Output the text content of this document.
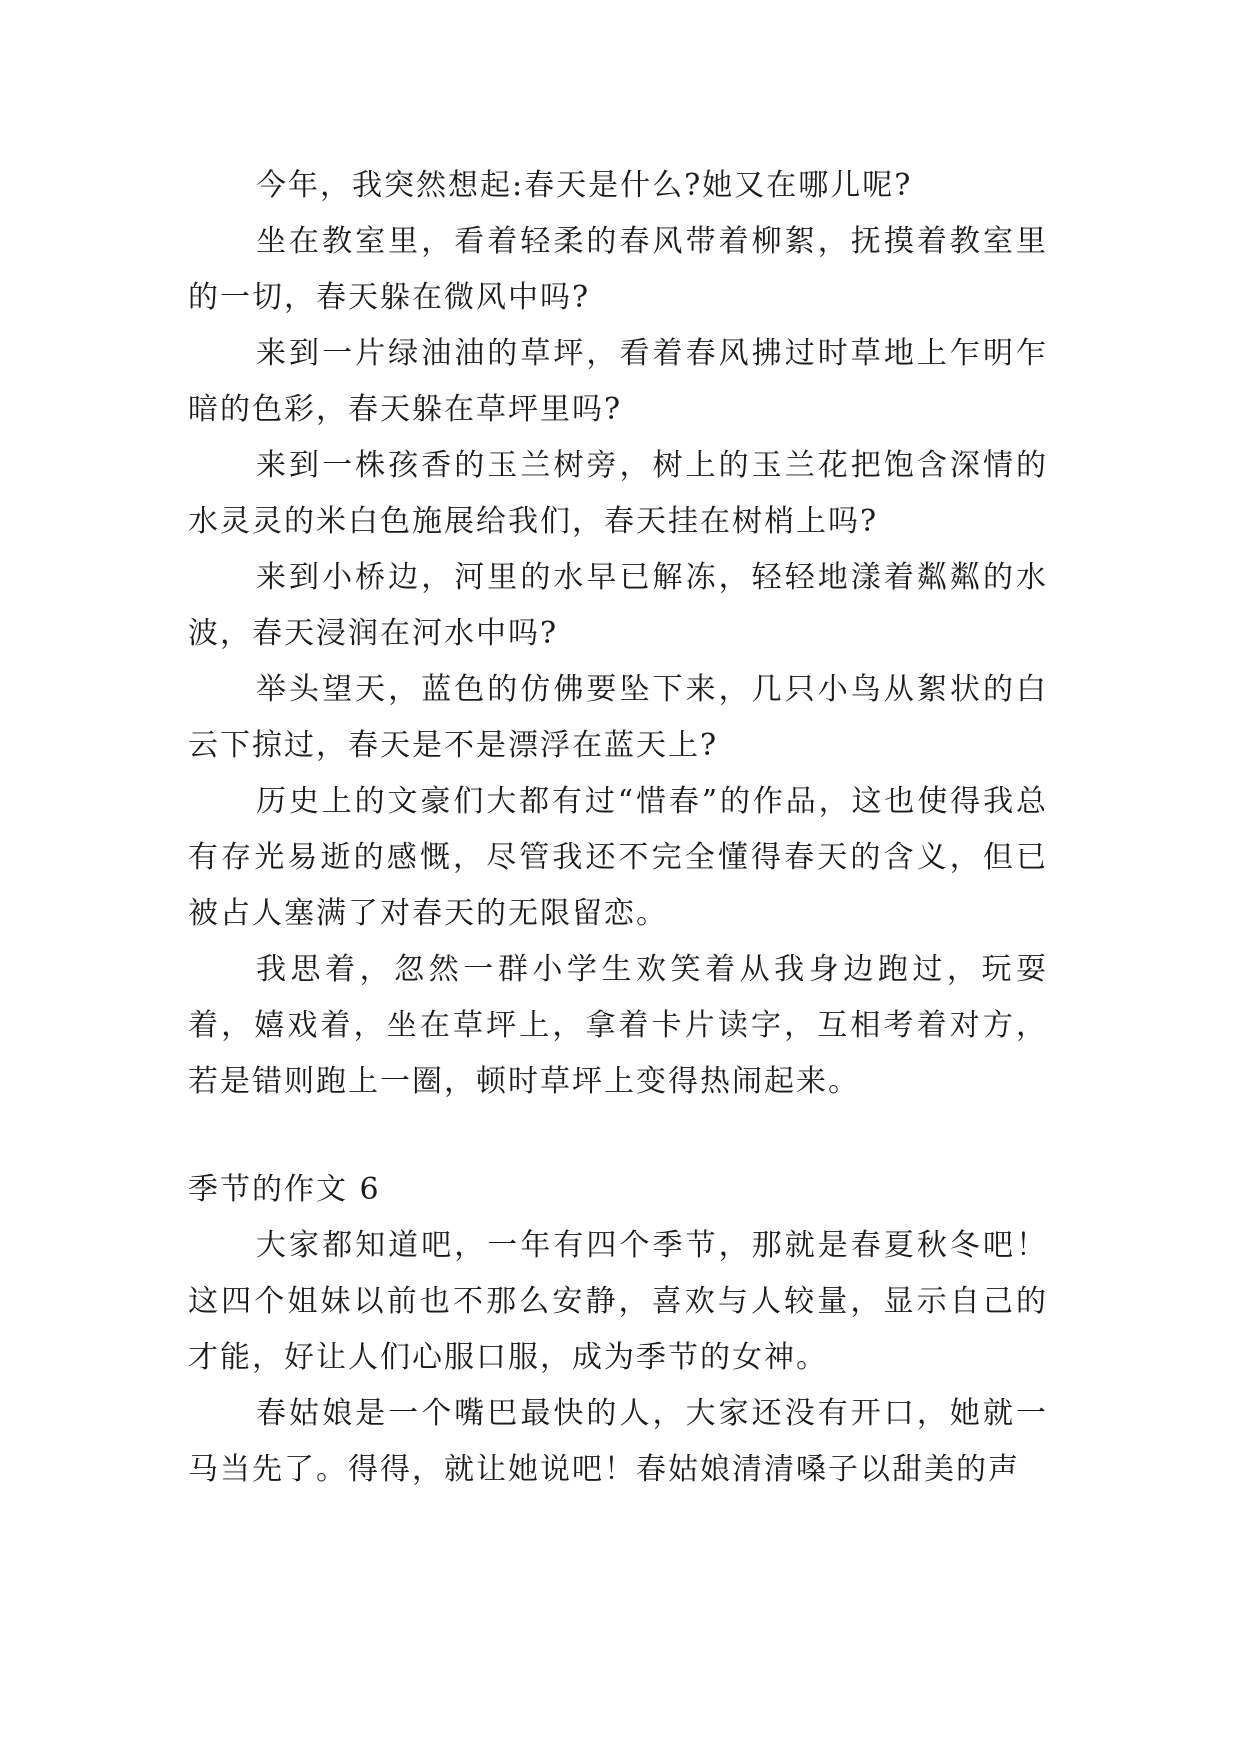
今年，我突然想起:春天是什么?她又在哪儿呢?

坐在教室里，看着轻柔的春风带着柳絮，抚摸着教室里的一切，春天躲在微风中吗?

来到一片绿油油的草坪，看着春风拂过时草地上乍明乍暗的色彩，春天躲在草坪里吗?

来到一株孩香的玉兰树旁，树上的玉兰花把饱含深情的水灵灵的米白色施展给我们，春天挂在树梢上吗?

来到小桥边，河里的水早已解冻，轻轻地漾着粼粼的水波，春天浸润在河水中吗?

举头望天，蓝色的仿佛要坠下来，几只小鸟从絮状的白云下掠过，春天是不是漂浮在蓝天上?

历史上的文豪们大都有过“惜春”的作品，这也使得我总有存光易逝的感慨，尽管我还不完全懂得春天的含义，但已被占人塞满了对春天的无限留恋。

我思着，忽然一群小学生欢笑着从我身边跑过，玩耍着，嬉戏着，坐在草坪上，拿着卡片读字，互相考着对方，若是错则跑上一圈，顿时草坪上变得热闹起来。

季节的作文 6

大家都知道吧，一年有四个季节，那就是春夏秋冬吧！这四个姐妹以前也不那么安静，喜欢与人较量，显示自己的才能，好让人们心服口服，成为季节的女神。

春姑娘是一个嘴巴最快的人，大家还没有开口，她就一马当先了。得得，就让她说吧！春姑娘清清嗓子以甜美的声
